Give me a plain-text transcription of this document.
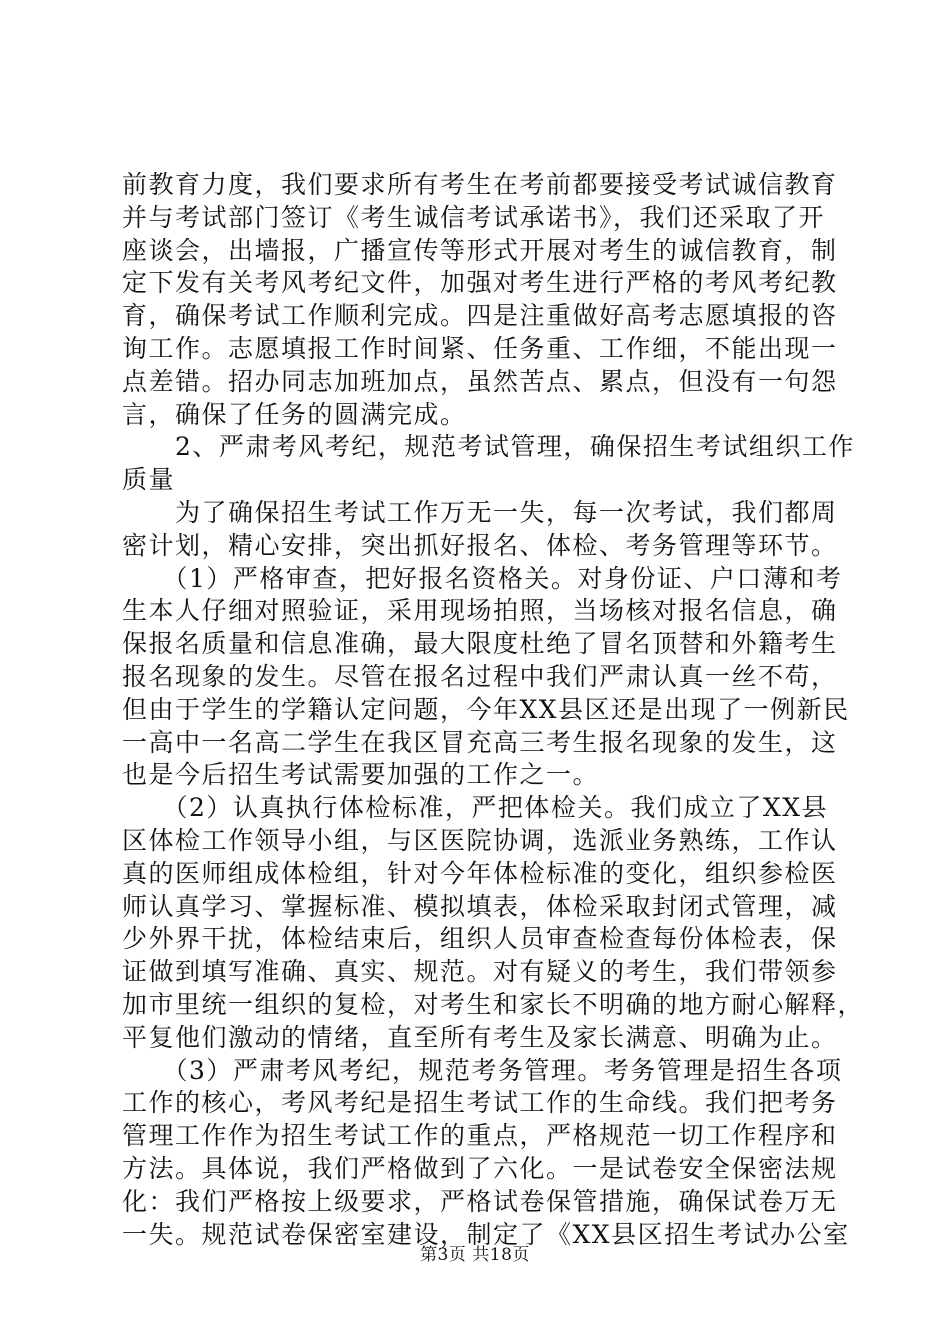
前教育力度，我们要求所有考生在考前都要接受考试诚信教育
并与考试部门签订《考生诚信考试承诺书》，我们还采取了开
座谈会，出墙报，广播宣传等形式开展对考生的诚信教育，制
定下发有关考风考纪文件，加强对考生进行严格的考风考纪教
育，确保考试工作顺利完成。四是注重做好高考志愿填报的咨
询工作。志愿填报工作时间紧、任务重、工作细，不能出现一
点差错。招办同志加班加点，虽然苦点、累点，但没有一句怨
言，确保了任务的圆满完成。
　　2、严肃考风考纪，规范考试管理，确保招生考试组织工作
质量
　　为了确保招生考试工作万无一失，每一次考试，我们都周
密计划，精心安排，突出抓好报名、体检、考务管理等环节。
　　（1）严格审查，把好报名资格关。对身份证、户口薄和考
生本人仔细对照验证，采用现场拍照，当场核对报名信息，确
保报名质量和信息准确，最大限度杜绝了冒名顶替和外籍考生
报名现象的发生。尽管在报名过程中我们严肃认真一丝不苟，
但由于学生的学籍认定问题，今年XX县区还是出现了一例新民
一高中一名高二学生在我区冒充高三考生报名现象的发生，这
也是今后招生考试需要加强的工作之一。
　　（2）认真执行体检标准，严把体检关。我们成立了XX县
区体检工作领导小组，与区医院协调，选派业务熟练，工作认
真的医师组成体检组，针对今年体检标准的变化，组织参检医
师认真学习、掌握标准、模拟填表，体检采取封闭式管理，减
少外界干扰，体检结束后，组织人员审查检查每份体检表，保
证做到填写准确、真实、规范。对有疑义的考生，我们带领参
加市里统一组织的复检，对考生和家长不明确的地方耐心解释，
平复他们激动的情绪，直至所有考生及家长满意、明确为止。
　　（3）严肃考风考纪，规范考务管理。考务管理是招生各项
工作的核心，考风考纪是招生考试工作的生命线。我们把考务
管理工作作为招生考试工作的重点，严格规范一切工作程序和
方法。具体说，我们严格做到了六化。一是试卷安全保密法规
化：我们严格按上级要求，严格试卷保管措施，确保试卷万无
一失。规范试卷保密室建设，制定了《XX县区招生考试办公室
第3页 共18页
